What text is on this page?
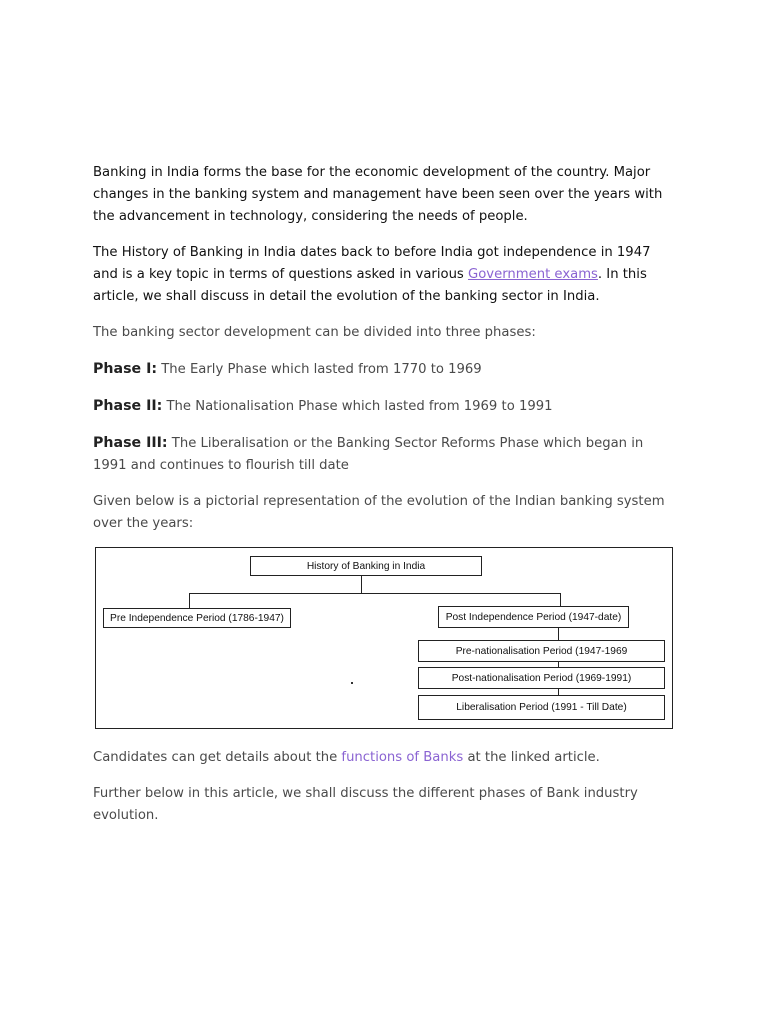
Banking in India forms the base for the economic development of the country. Major changes in the banking system and management have been seen over the years with the advancement in technology, considering the needs of people.

The History of Banking in India dates back to before India got independence in 1947 and is a key topic in terms of questions asked in various Government exams. In this article, we shall discuss in detail the evolution of the banking sector in India.

The banking sector development can be divided into three phases:

Phase I: The Early Phase which lasted from 1770 to 1969

Phase II: The Nationalisation Phase which lasted from 1969 to 1991

Phase III: The Liberalisation or the Banking Sector Reforms Phase which began in 1991 and continues to flourish till date

Given below is a pictorial representation of the evolution of the Indian banking system over the years:

History of Banking in India
Pre Independence Period (1786-1947)	Post Independence Period (1947-date)
Pre-nationalisation Period (1947-1969
Post-nationalisation Period (1969-1991)
Liberalisation Period (1991 - Till Date)

Candidates can get details about the functions of Banks at the linked article.

Further below in this article, we shall discuss the different phases of Bank industry evolution.
